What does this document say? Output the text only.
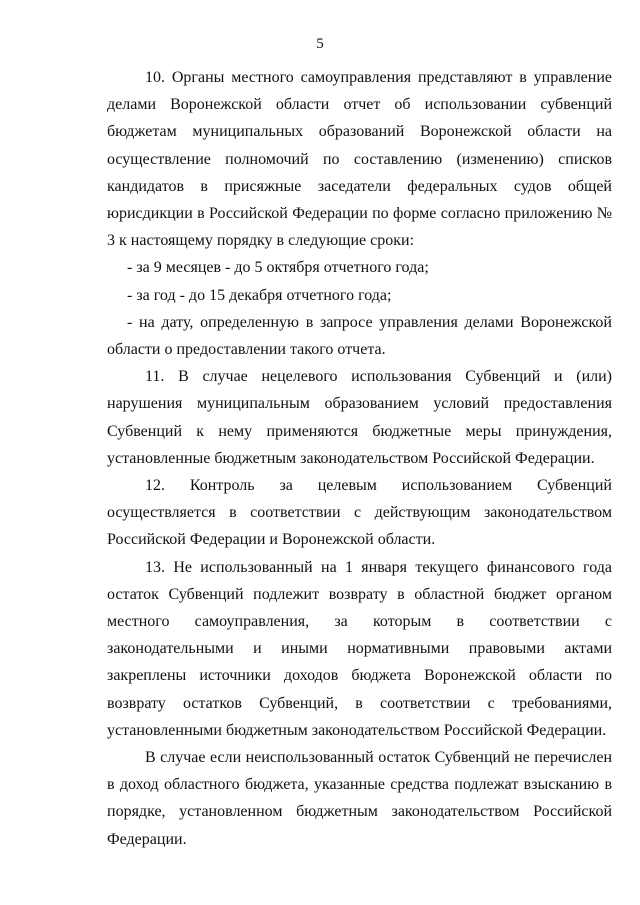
5

10. Органы местного самоуправления представляют в управление делами Воронежской области отчет об использовании субвенций бюджетам муниципальных образований Воронежской области на осуществление полномочий по составлению (изменению) списков кандидатов в присяжные заседатели федеральных судов общей юрисдикции в Российской Федерации по форме согласно приложению № 3 к настоящему порядку в следующие сроки:

- за 9 месяцев - до 5 октября отчетного года;

- за год - до 15 декабря отчетного года;

- на дату, определенную в запросе управления делами Воронежской области о предоставлении такого отчета.

11. В случае нецелевого использования Субвенций и (или) нарушения муниципальным образованием условий предоставления Субвенций к нему применяются бюджетные меры принуждения, установленные бюджетным законодательством Российской Федерации.

12. Контроль за целевым использованием Субвенций осуществляется в соответствии с действующим законодательством Российской Федерации и Воронежской области.

13. Не использованный на 1 января текущего финансового года остаток Субвенций подлежит возврату в областной бюджет органом местного самоуправления, за которым в соответствии с законодательными и иными нормативными правовыми актами закреплены источники доходов бюджета Воронежской области по возврату остатков Субвенций, в соответствии с требованиями, установленными бюджетным законодательством Российской Федерации.

В случае если неиспользованный остаток Субвенций не перечислен в доход областного бюджета, указанные средства подлежат взысканию в порядке, установленном бюджетным законодательством Российской Федерации.
